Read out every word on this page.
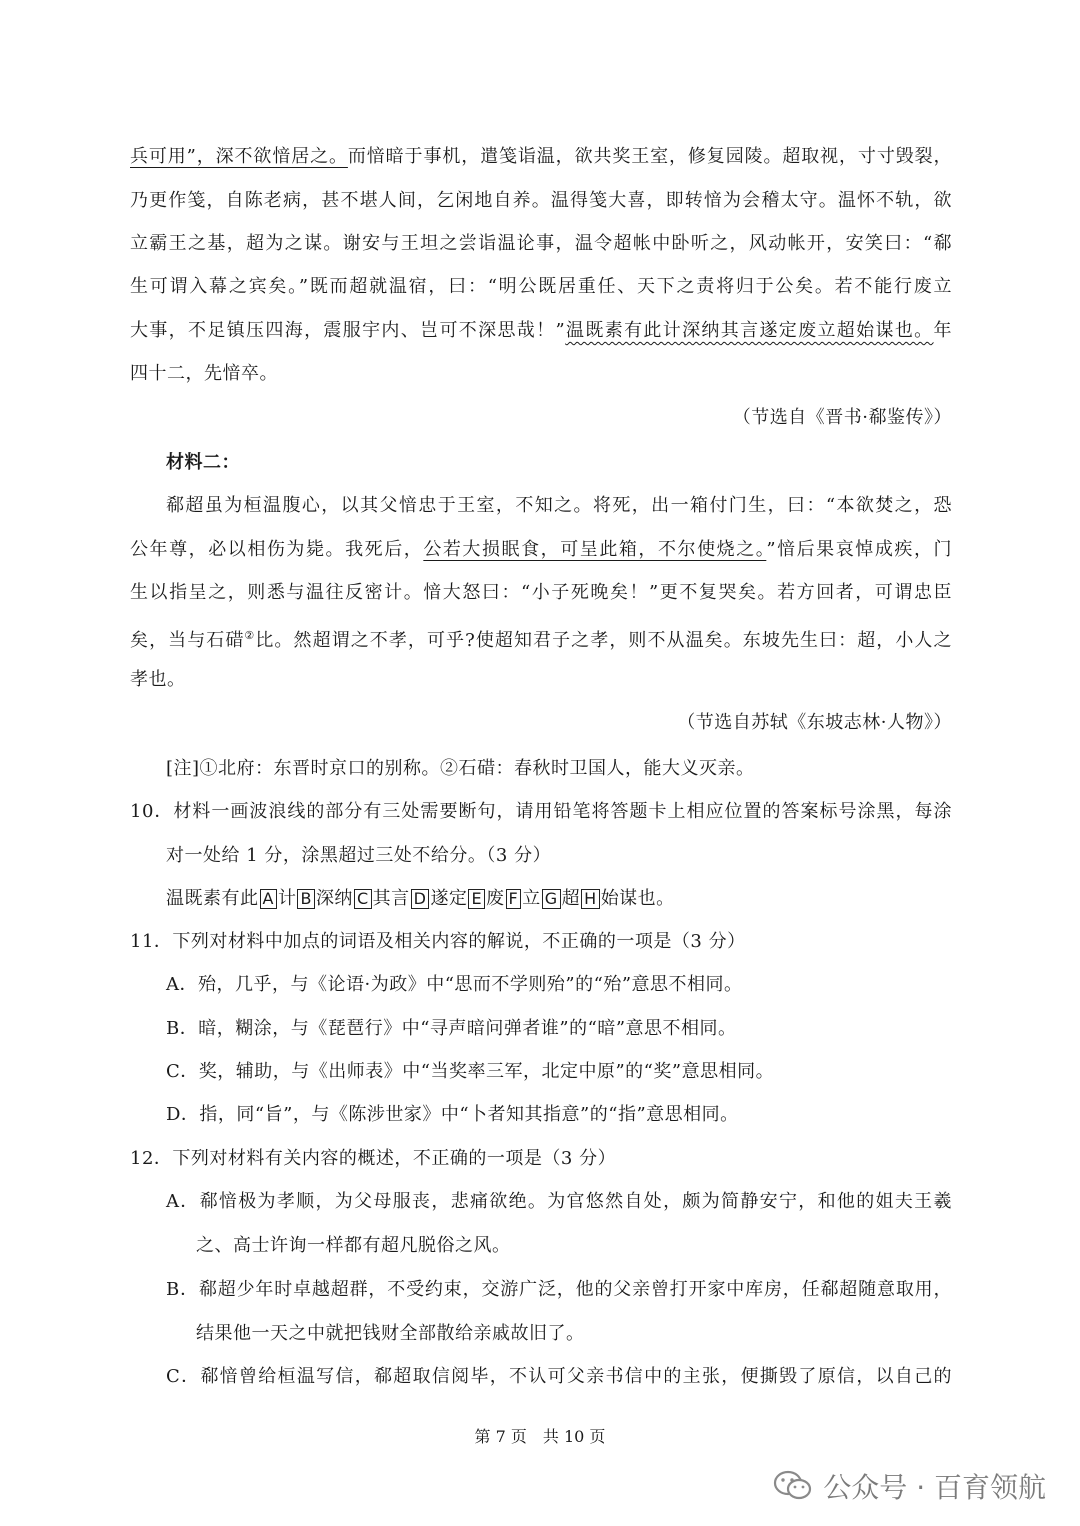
兵可用”，深不欲愔居之。而愔暗于事机，遣笺诣温，欲共奖王室，修复园陵。超取视，寸寸毁裂，
乃更作笺，自陈老病，甚不堪人间，乞闲地自养。温得笺大喜，即转愔为会稽太守。温怀不轨，欲
立霸王之基，超为之谋。谢安与王坦之尝诣温论事，温令超帐中卧听之，风动帐开，安笑曰：“郗
生可谓入幕之宾矣。”既而超就温宿，曰：“明公既居重任、天下之责将归于公矣。若不能行废立
大事，不足镇压四海，震服宇内、岂可不深思哉！”温既素有此计深纳其言遂定废立超始谋也。年
四十二，先愔卒。
（节选自《晋书·郗鉴传》）
材料二：
郗超虽为桓温腹心，以其父愔忠于王室，不知之。将死，出一箱付门生，曰：“本欲焚之，恐
公年尊，必以相伤为毙。我死后，公若大损眠食，可呈此箱，不尔使烧之。”愔后果哀悼成疾，门
生以指呈之，则悉与温往反密计。愔大怒曰：“小子死晚矣！”更不复哭矣。若方回者，可谓忠臣
矣，当与石碏②比。然超谓之不孝，可乎?使超知君子之孝，则不从温矣。东坡先生曰：超，小人之
孝也。
（节选自苏轼《东坡志林·人物》）
[注]①北府：东晋时京口的别称。②石碏：春秋时卫国人，能大义灭亲。
10．材料一画波浪线的部分有三处需要断句，请用铅笔将答题卡上相应位置的答案标号涂黑，每涂
对一处给 1 分，涂黑超过三处不给分。（3 分）
温既素有此 A 计 B 深纳 C 其言 D 遂定 E 废 F 立 G 超 H 始谋也。
11．下列对材料中加点的词语及相关内容的解说，不正确的一项是（3 分）
A．殆，几乎，与《论语·为政》中“思而不学则殆”的“殆”意思不相同。
B．暗，糊涂，与《琵琶行》中“寻声暗问弹者谁”的“暗”意思不相同。
C．奖，辅助，与《出师表》中“当奖率三军，北定中原”的“奖”意思相同。
D．指，同“旨”，与《陈涉世家》中“卜者知其指意”的“指”意思相同。
12．下列对材料有关内容的概述，不正确的一项是（3 分）
A．郗愔极为孝顺，为父母服丧，悲痛欲绝。为官悠然自处，颇为简静安宁，和他的姐夫王羲
之、高士许询一样都有超凡脱俗之风。
B．郗超少年时卓越超群，不受约束，交游广泛，他的父亲曾打开家中库房，任郗超随意取用，
结果他一天之中就把钱财全部散给亲戚故旧了。
C．郗愔曾给桓温写信，郗超取信阅毕，不认可父亲书信中的主张，便撕毁了原信，以自己的
第 7 页　共 10 页
公众号 · 百育领航
